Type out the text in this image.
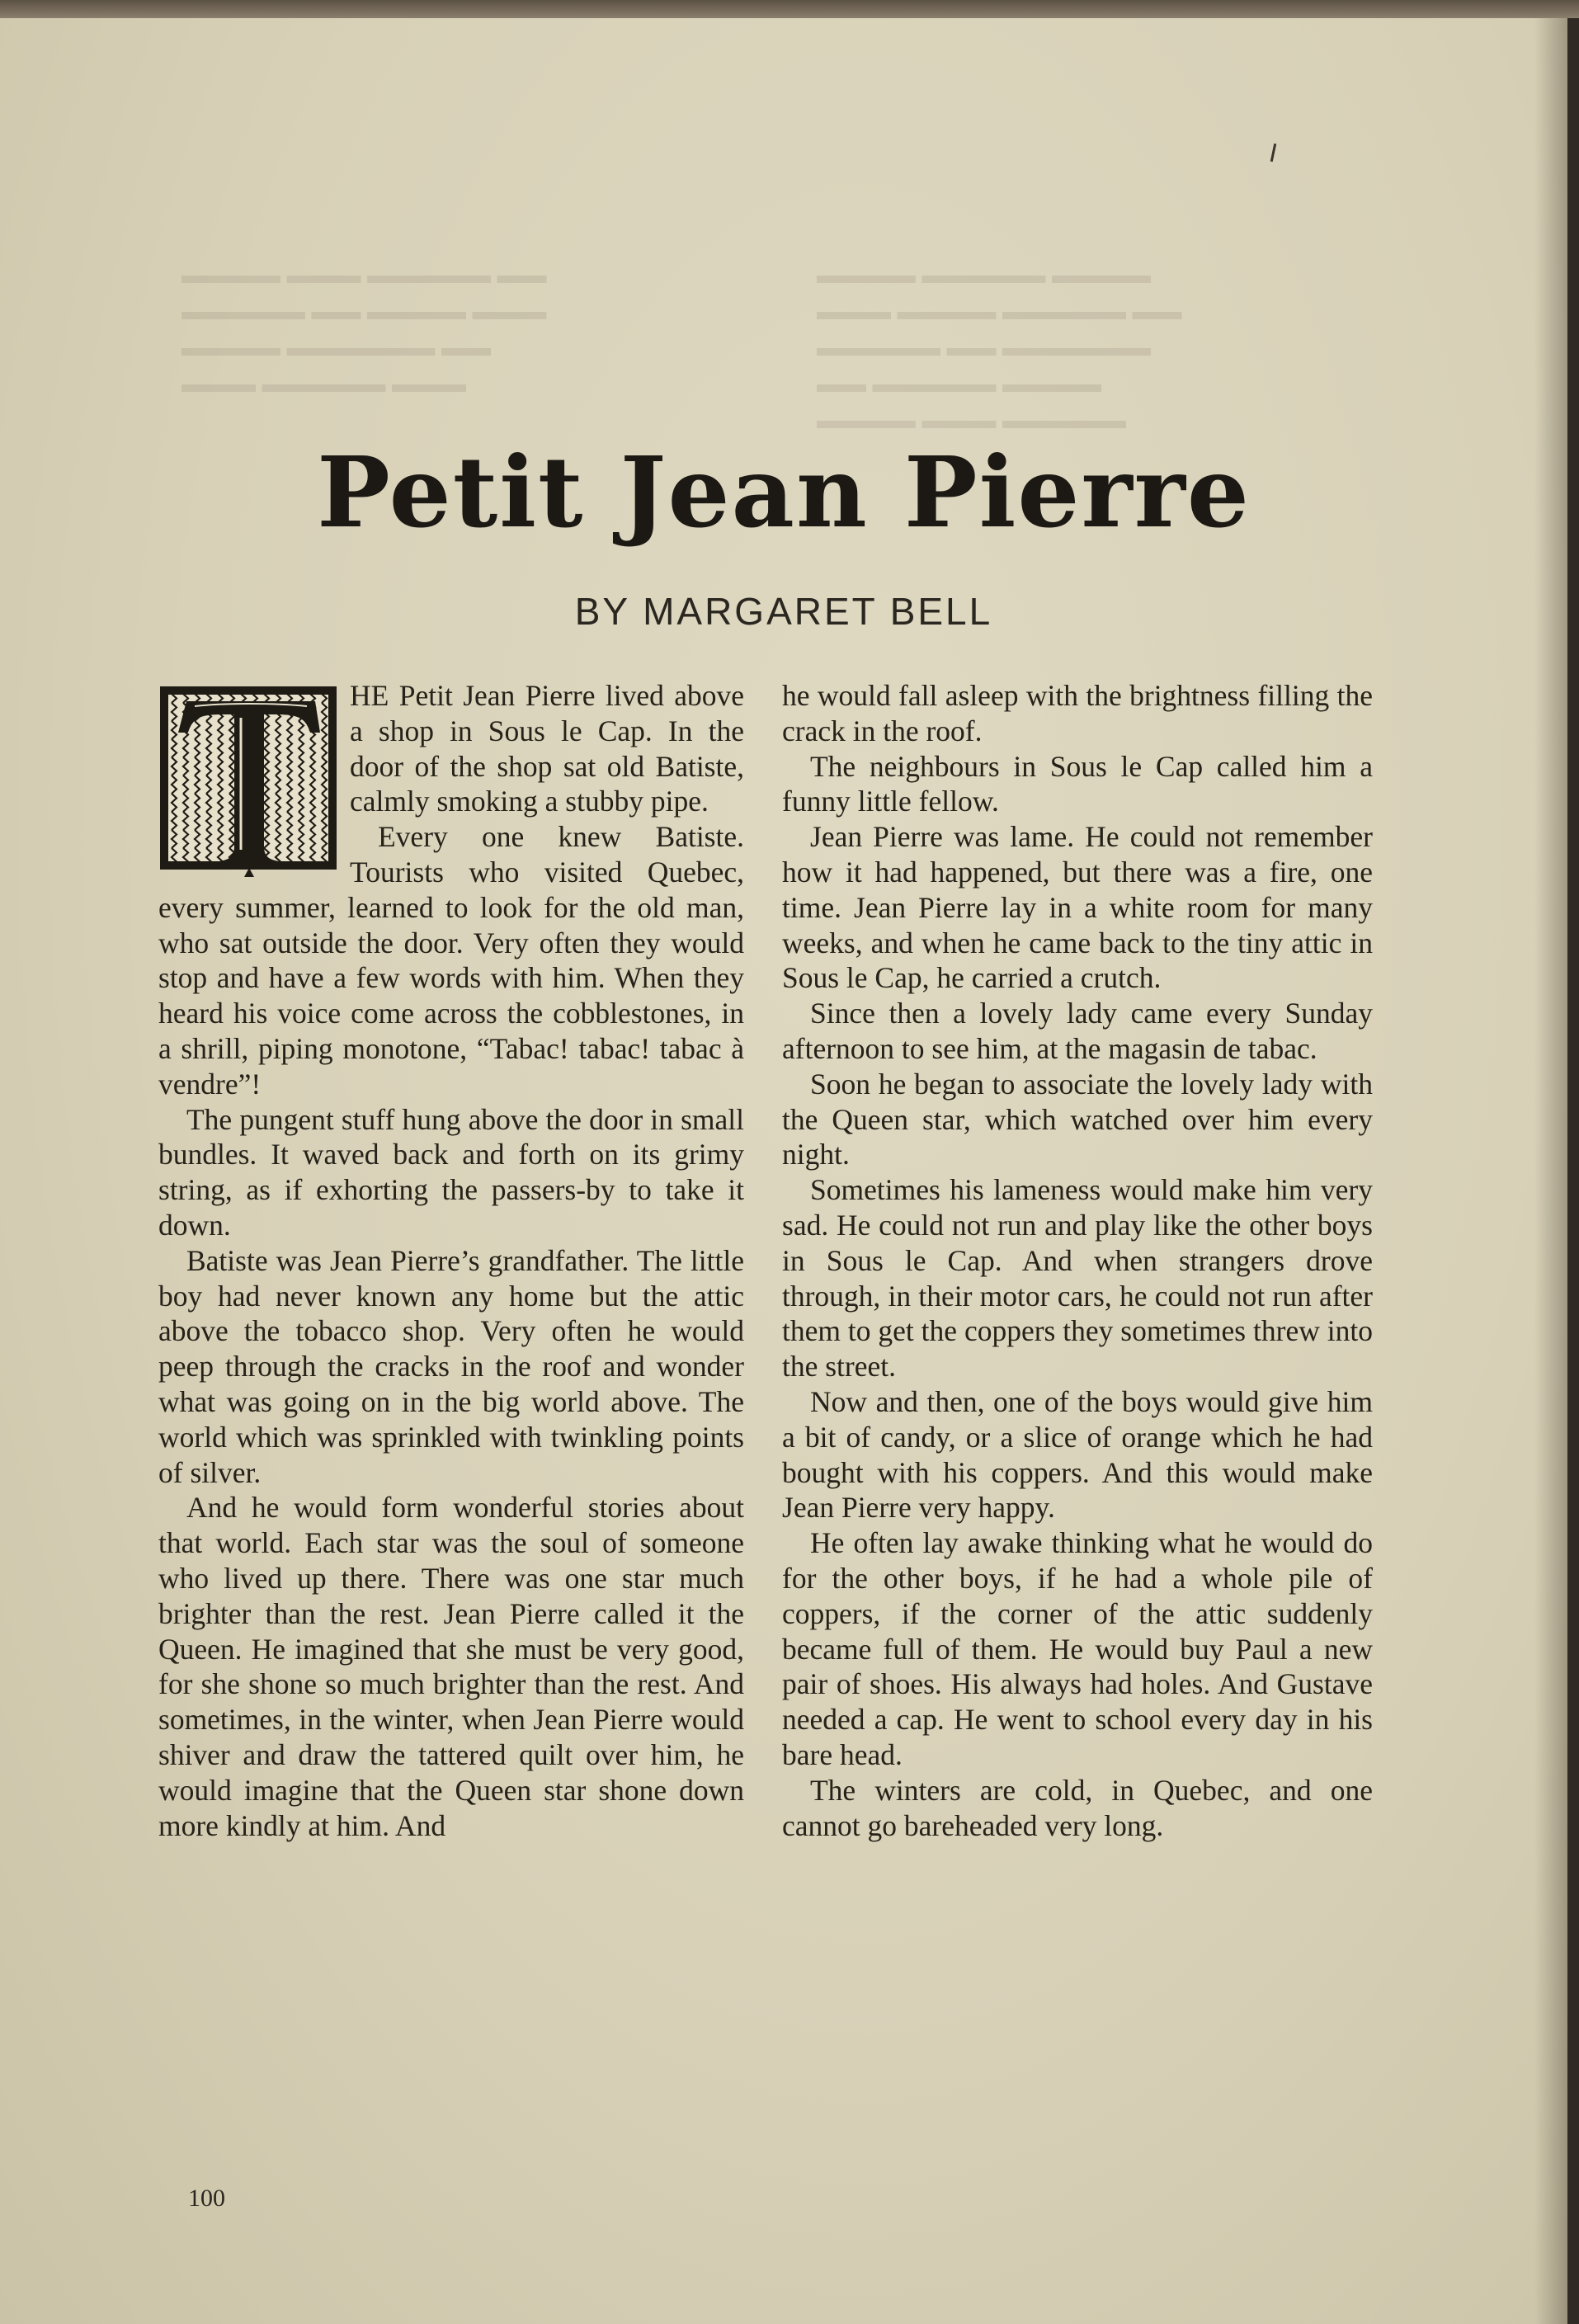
▬▬▬▬ ▬▬▬ ▬▬▬▬▬ ▬▬
▬▬▬▬▬ ▬▬ ▬▬▬▬ ▬▬▬
▬▬▬▬ ▬▬▬▬▬▬ ▬▬
▬▬▬ ▬▬▬▬▬ ▬▬▬
▬▬▬▬ ▬▬▬▬▬ ▬▬▬▬
▬▬▬ ▬▬▬▬ ▬▬▬▬▬ ▬▬
▬▬▬▬▬ ▬▬ ▬▬▬▬▬▬
▬▬ ▬▬▬▬▬ ▬▬▬▬
▬▬▬▬ ▬▬▬ ▬▬▬▬▬
Petit Jean Pierre
BY MARGARET BELL

HE Petit Jean Pierre lived above a shop in Sous le Cap. In the door of the shop sat old Batiste, calmly smoking a stubby pipe.

Every one knew Batiste. Tourists who visited Quebec, every summer, learned to look for the old man, who sat outside the door. Very often they would stop and have a few words with him. When they heard his voice come across the cobblestones, in a shrill, piping monotone, “Tabac! tabac! tabac à vendre”!

The pungent stuff hung above the door in small bundles. It waved back and forth on its grimy string, as if exhorting the passers-by to take it down.

Batiste was Jean Pierre’s grandfather. The little boy had never known any home but the attic above the tobacco shop. Very often he would peep through the cracks in the roof and wonder what was going on in the big world above. The world which was sprinkled with twinkling points of silver.

And he would form wonderful stories about that world. Each star was the soul of someone who lived up there. There was one star much brighter than the rest. Jean Pierre called it the Queen. He imagined that she must be very good, for she shone so much brighter than the rest. And sometimes, in the winter, when Jean Pierre would shiver and draw the tattered quilt over him, he would imagine that the Queen star shone down more kindly at him. And

he would fall asleep with the brightness filling the crack in the roof.

The neighbours in Sous le Cap called him a funny little fellow.

Jean Pierre was lame. He could not remember how it had happened, but there was a fire, one time. Jean Pierre lay in a white room for many weeks, and when he came back to the tiny attic in Sous le Cap, he carried a crutch.

Since then a lovely lady came every Sunday afternoon to see him, at the magasin de tabac.

Soon he began to associate the lovely lady with the Queen star, which watched over him every night.

Sometimes his lameness would make him very sad. He could not run and play like the other boys in Sous le Cap. And when strangers drove through, in their motor cars, he could not run after them to get the coppers they sometimes threw into the street.

Now and then, one of the boys would give him a bit of candy, or a slice of orange which he had bought with his coppers. And this would make Jean Pierre very happy.

He often lay awake thinking what he would do for the other boys, if he had a whole pile of coppers, if the corner of the attic suddenly became full of them. He would buy Paul a new pair of shoes. His always had holes. And Gustave needed a cap. He went to school every day in his bare head.

The winters are cold, in Quebec, and one cannot go bareheaded very long.

100
